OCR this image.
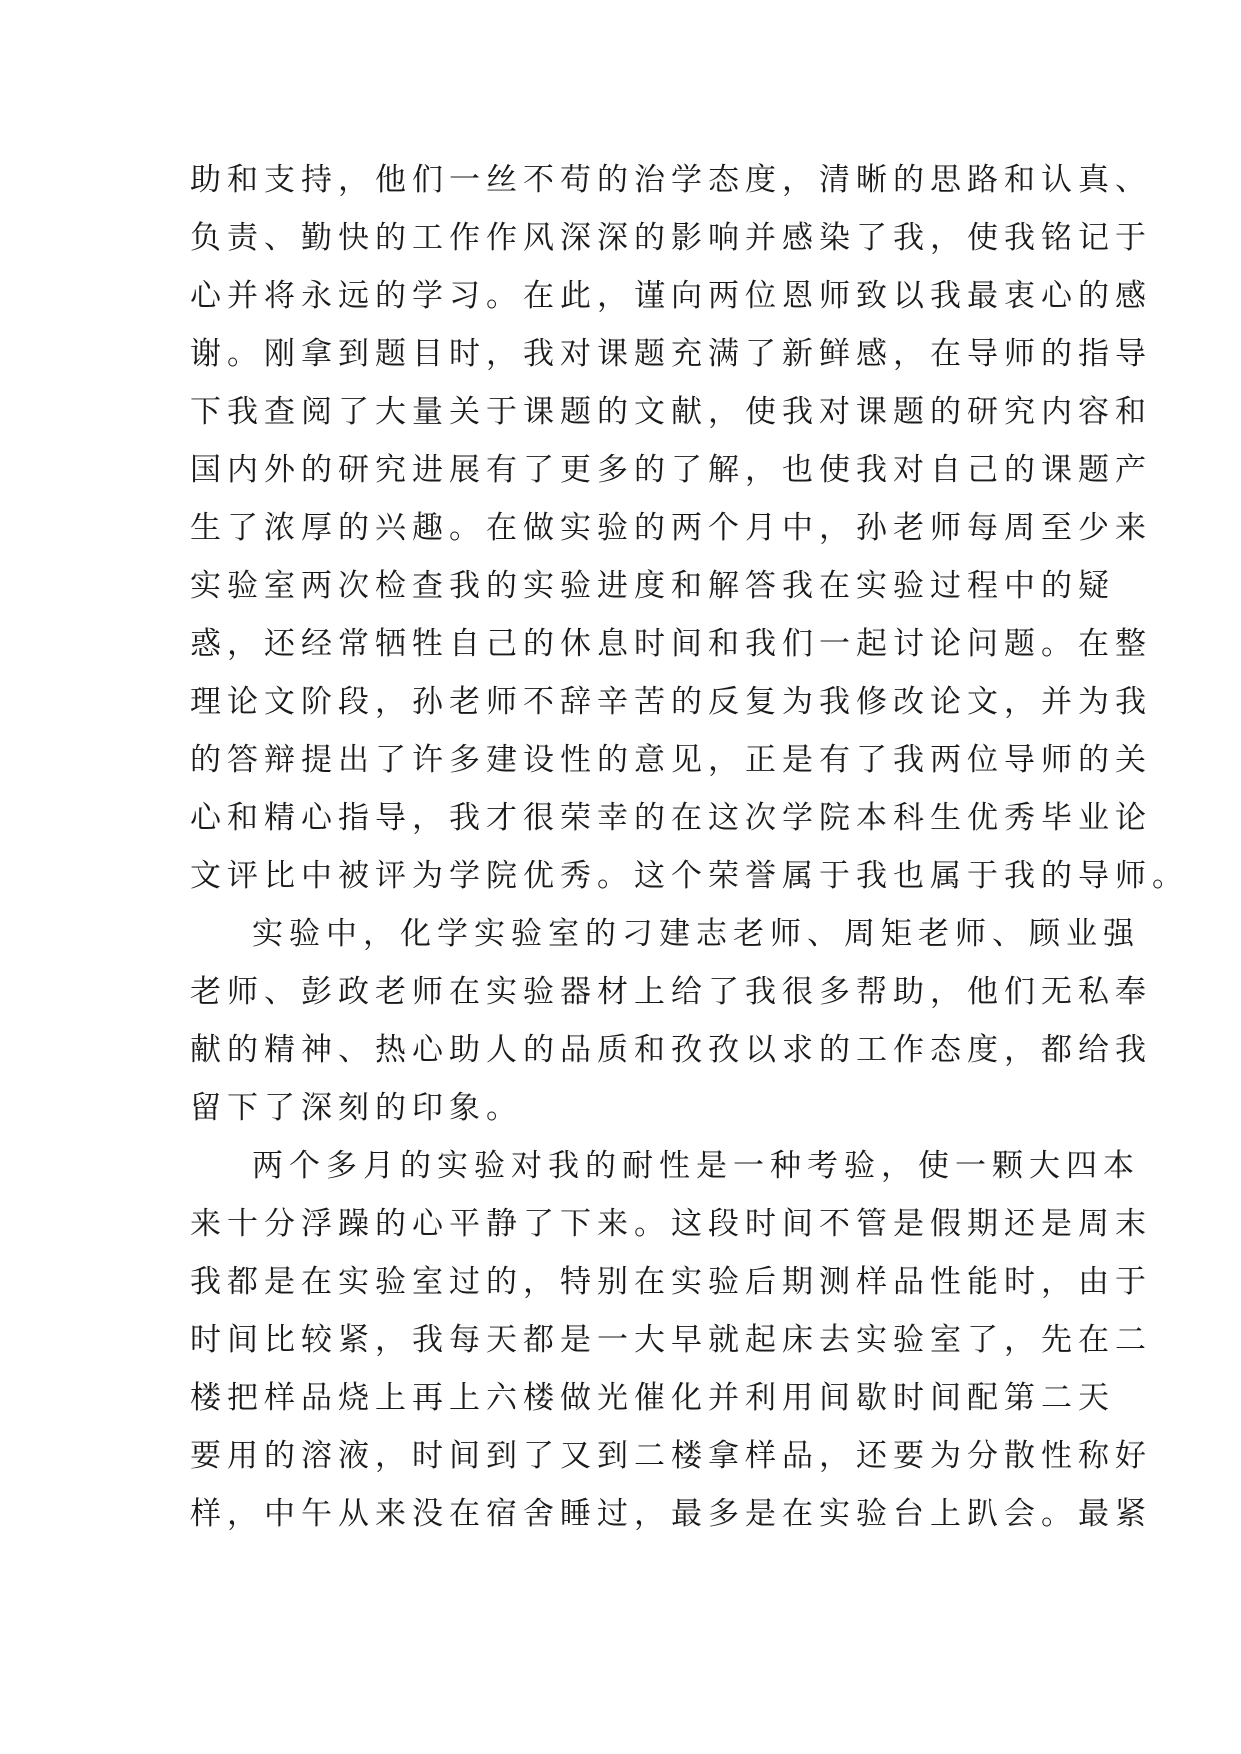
助和支持，他们一丝不苟的治学态度，清晰的思路和认真、
负责、勤快的工作作风深深的影响并感染了我，使我铭记于
心并将永远的学习。在此，谨向两位恩师致以我最衷心的感
谢。刚拿到题目时，我对课题充满了新鲜感，在导师的指导
下我查阅了大量关于课题的文献，使我对课题的研究内容和
国内外的研究进展有了更多的了解，也使我对自己的课题产
生了浓厚的兴趣。在做实验的两个月中，孙老师每周至少来
实验室两次检查我的实验进度和解答我在实验过程中的疑
惑，还经常牺牲自己的休息时间和我们一起讨论问题。在整
理论文阶段，孙老师不辞辛苦的反复为我修改论文，并为我
的答辩提出了许多建设性的意见，正是有了我两位导师的关
心和精心指导，我才很荣幸的在这次学院本科生优秀毕业论
文评比中被评为学院优秀。这个荣誉属于我也属于我的导师。
实验中，化学实验室的刁建志老师、周矩老师、顾业强
老师、彭政老师在实验器材上给了我很多帮助，他们无私奉
献的精神、热心助人的品质和孜孜以求的工作态度，都给我
留下了深刻的印象。
两个多月的实验对我的耐性是一种考验，使一颗大四本
来十分浮躁的心平静了下来。这段时间不管是假期还是周末
我都是在实验室过的，特别在实验后期测样品性能时，由于
时间比较紧，我每天都是一大早就起床去实验室了，先在二
楼把样品烧上再上六楼做光催化并利用间歇时间配第二天
要用的溶液，时间到了又到二楼拿样品，还要为分散性称好
样，中午从来没在宿舍睡过，最多是在实验台上趴会。最紧
